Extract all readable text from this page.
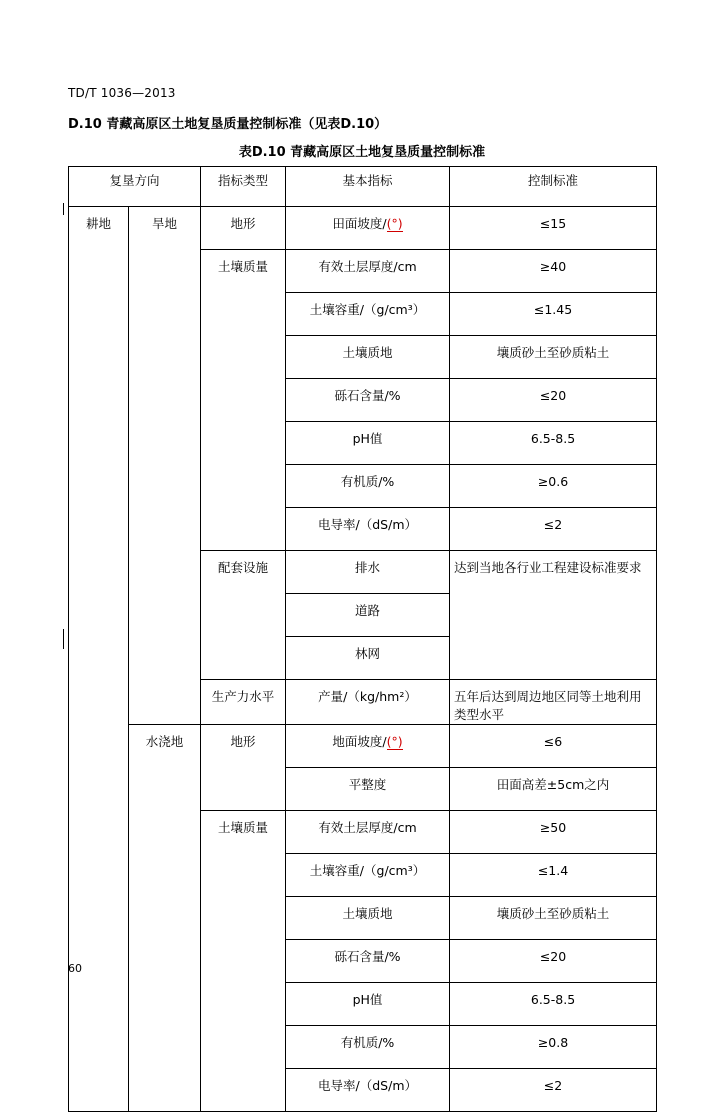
TD/T 1036—2013
D.10 青藏高原区土地复垦质量控制标准（见表D.10）
表D.10 青藏高原区土地复垦质量控制标准
复垦方向		指标类型	基本指标	控制标准
耕地	旱地	地形	田面坡度/(°)	≤15
		土壤质量	有效土层厚度/cm	≥40
			土壤容重/（g/cm³）	≤1.45
			土壤质地	壤质砂土至砂质粘土
			砾石含量/%	≤20
			pH值	6.5-8.5
			有机质/%	≥0.6
			电导率/（dS/m）	≤2
		配套设施	排水	达到当地各行业工程建设标准要求
			道路	
			林网	
		生产力水平	产量/（kg/hm²）	五年后达到周边地区同等土地利用类型水平
	水浇地	地形	地面坡度/(°)	≤6
			平整度	田面高差±5cm之内
		土壤质量	有效土层厚度/cm	≥50
			土壤容重/（g/cm³）	≤1.4
			土壤质地	壤质砂土至砂质粘土
			砾石含量/%	≤20
			pH值	6.5-8.5
			有机质/%	≥0.8
			电导率/（dS/m）	≤2
60
